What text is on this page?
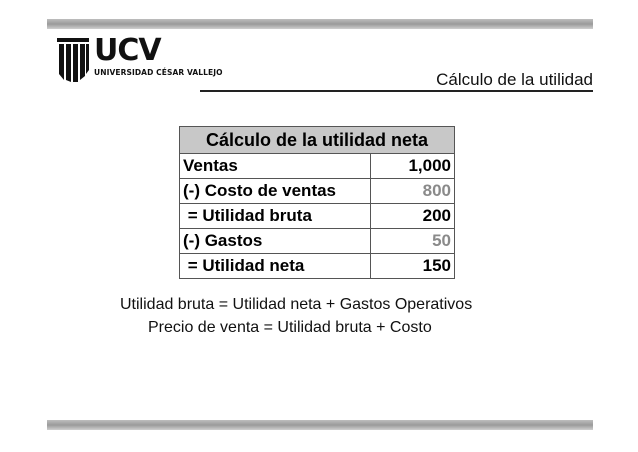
UCV
UNIVERSIDAD CÉSAR VALLEJO	Cálculo de la utilidad
Cálculo de la utilidad neta	
Ventas	1,000
(-) Costo de ventas	800
= Utilidad bruta	200
(-) Gastos	50
= Utilidad neta	150
Utilidad bruta = Utilidad neta + Gastos Operativos
Precio de venta = Utilidad bruta + Costo
